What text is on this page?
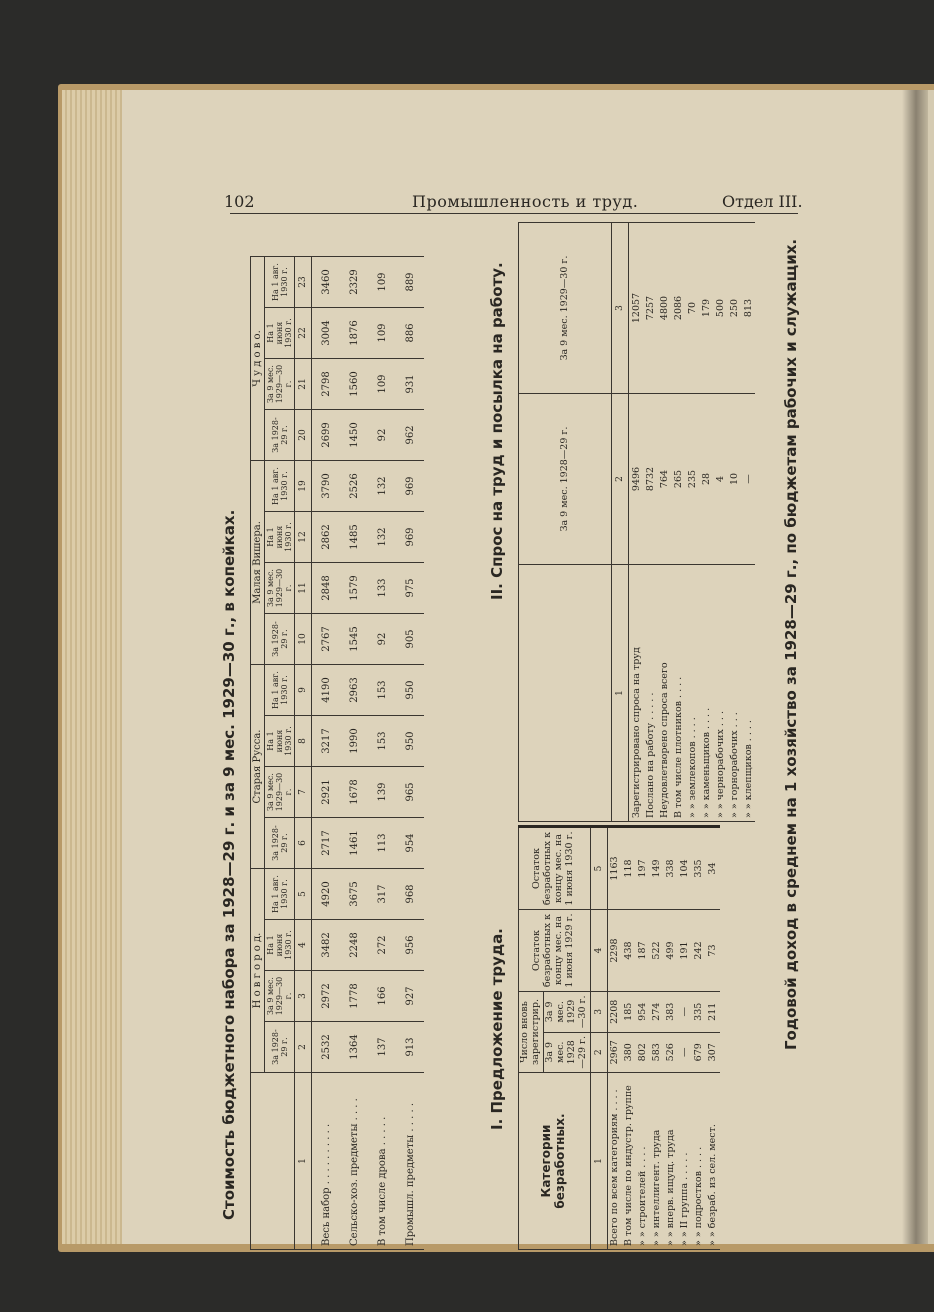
102	Промышленность и труд.	Отдел III.
Стоимость бюджетного набора за 1928—29 г. и за 9 мес. 1929—30 г., в копейках.
	Н о в г о р о д.				Старая Русса.				Малая Вишера.				Ч у д о в о.			
	За 1928-29 г.	За 9 мес. 1929—30 г.	На 1 июня 1930 г.	На 1 авг. 1930 г.	За 1928-29 г.	За 9 мес. 1929—30 г.	На 1 июня 1930 г.	На 1 авг. 1930 г.	За 1928-29 г.	За 9 мес. 1929—30 г.	На 1 июня 1930 г.	На 1 авг. 1930 г.	За 1928-29 г.	За 9 мес. 1929—30 г.	На 1 июня 1930 г.	На 1 авг. 1930 г.
1	2	3	4	5	6	7	8	9	10	11	12	19	20	21	22	23
Весь набор . . . . . . . . . .	2532	2972	3482	4920	2717	2921	3217	4190	2767	2848	2862	3790	2699	2798	3004	3460
Сельско-хоз. предметы . . . .	1364	1778	2248	3675	1461	1678	1990	2963	1545	1579	1485	2526	1450	1560	1876	2329
В том числе дрова . . . . .	137	166	272	317	113	139	153	153	92	133	132	132	92	109	109	109
Промышл. предметы . . . . .	913	927	956	968	954	965	950	950	905	975	969	969	962	931	886	889
I. Предложение труда.
Категории безработных.	Число вновь зарегистрир.		Остаток безработных к концу мес. на 1 июня 1929 г.	Остаток безработных к концу мес. на 1 июня 1930 г.
	За 9 мес. 1928—29 г.	За 9 мес. 1929—30 г.		
1	2	3	4	5
Всего по всем категориям . . . .	2967	2208	2298	1163
В том числе по индустр. группе	380	185	438	118
» » строителей . . . .	802	954	187	197
» » интеллигент. труда	583	274	522	149
» » вперв. ищущ. труда	526	383	499	338
» » II группа . . . . .	—	—	191	104
» » подростков . . . .	679	335	242	335
» » безраб. из сел. мест.	307	211	73	34
II. Спрос на труд и посылка на работу.
		За 9 мес. 1928—29 г.	За 9 мес. 1929—30 г.
1	2	3
Зарегистрировано спроса на труд	9496	12057
Послано на работу . . . . .	8732	7257
Неудовлетворено спроса всего	764	4800
В том числе плотников . . . .	265	2086
» » землекопов . . . .	235	70
» » каменьщиков . . . .	28	179
» » чернорабочих . . .	4	500
» » горнорабочих . . .	10	250
» » клепщиков . . . .	—	813 Годовой доход в среднем на 1 хозяйство за 1928—29 г., по бюджетам рабочих и служащих.
